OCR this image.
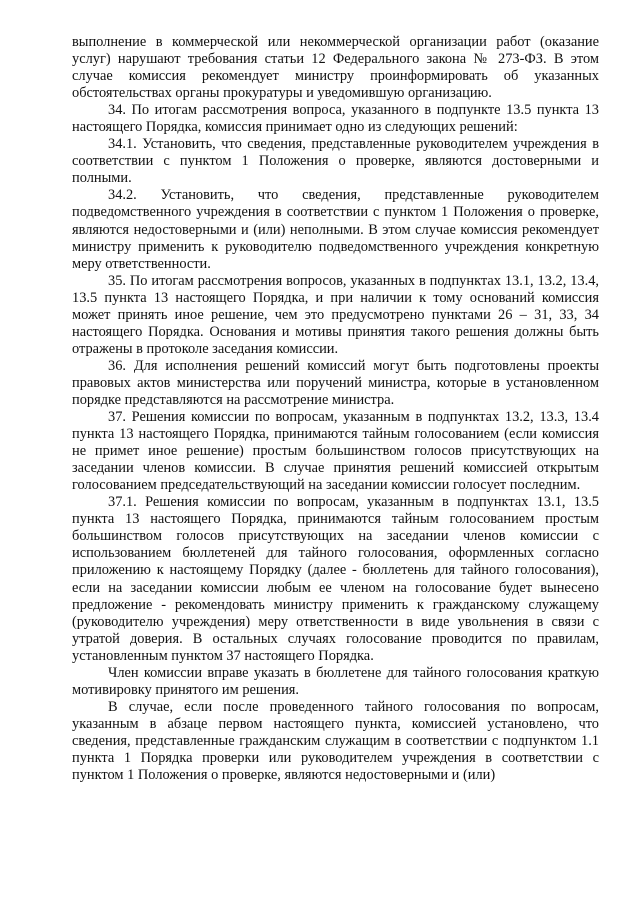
выполнение в коммерческой или некоммерческой организации работ (оказание услуг) нарушают требования статьи 12 Федерального закона № 273-ФЗ. В этом случае комиссия рекомендует министру проинформировать об указанных обстоятельствах органы прокуратуры и уведомившую организацию.

34. По итогам рассмотрения вопроса, указанного в подпункте 13.5 пункта 13 настоящего Порядка, комиссия принимает одно из следующих решений:

34.1. Установить, что сведения, представленные руководителем учреждения в соответствии с пунктом 1 Положения о проверке, являются достоверными и полными.

34.2. Установить, что сведения, представленные руководителем подведомственного учреждения в соответствии с пунктом 1 Положения о проверке, являются недостоверными и (или) неполными. В этом случае комиссия рекомендует министру применить к руководителю подведомственного учреждения конкретную меру ответственности.

35. По итогам рассмотрения вопросов, указанных в подпунктах 13.1, 13.2, 13.4, 13.5 пункта 13 настоящего Порядка, и при наличии к тому оснований комиссия может принять иное решение, чем это предусмотрено пунктами 26 – 31, 33, 34 настоящего Порядка. Основания и мотивы принятия такого решения должны быть отражены в протоколе заседания комиссии.

36. Для исполнения решений комиссий могут быть подготовлены проекты правовых актов министерства или поручений министра, которые в установленном порядке представляются на рассмотрение министра.

37. Решения комиссии по вопросам, указанным в подпунктах 13.2, 13.3, 13.4 пункта 13 настоящего Порядка, принимаются тайным голосованием (если комиссия не примет иное решение) простым большинством голосов присутствующих на заседании членов комиссии. В случае принятия решений комиссией открытым голосованием председательствующий на заседании комиссии голосует последним.

37.1. Решения комиссии по вопросам, указанным в подпунктах 13.1, 13.5 пункта 13 настоящего Порядка, принимаются тайным голосованием простым большинством голосов присутствующих на заседании членов комиссии с использованием бюллетеней для тайного голосования, оформленных согласно приложению к настоящему Порядку (далее - бюллетень для тайного голосования), если на заседании комиссии любым ее членом на голосование будет вынесено предложение - рекомендовать министру применить к гражданскому служащему (руководителю учреждения) меру ответственности в виде увольнения в связи с утратой доверия. В остальных случаях голосование проводится по правилам, установленным пунктом 37 настоящего Порядка.

Член комиссии вправе указать в бюллетене для тайного голосования краткую мотивировку принятого им решения.

В случае, если после проведенного тайного голосования по вопросам, указанным в абзаце первом настоящего пункта, комиссией установлено, что сведения, представленные гражданским служащим в соответствии с подпунктом 1.1 пункта 1 Порядка проверки или руководителем учреждения в соответствии с пунктом 1 Положения о проверке, являются недостоверными и (или)
